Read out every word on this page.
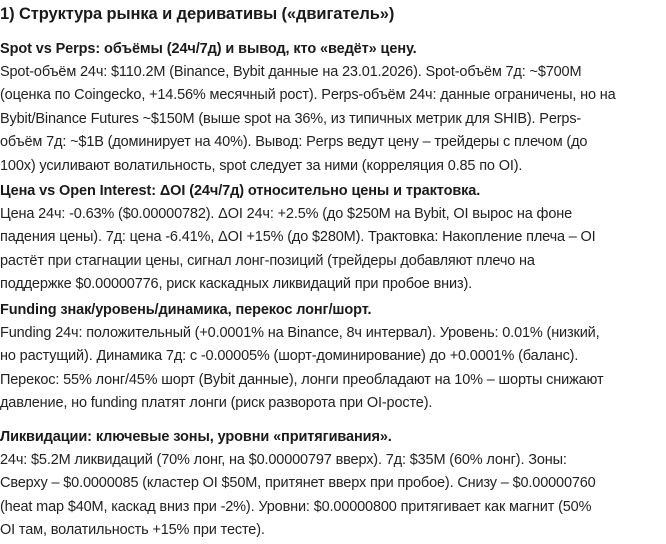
1) Структура рынка и деривативы («двигатель»)
Spot vs Perps: объёмы (24ч/7д) и вывод, кто «ведёт» цену.
Spot-объём 24ч: $110.2M (Binance, Bybit данные на 23.01.2026). Spot-объём 7д: ~$700M
(оценка по Coingecko, +14.56% месячный рост). Perps-объём 24ч: данные ограничены, но на
Bybit/Binance Futures ~$150M (выше spot на 36%, из типичных метрик для SHIB). Perps-
объём 7д: ~$1B (доминирует на 40%). Вывод: Perps ведут цену – трейдеры с плечом (до
100x) усиливают волатильность, spot следует за ними (корреляция 0.85 по OI).
Цена vs Open Interest: ΔOI (24ч/7д) относительно цены и трактовка.
Цена 24ч: -0.63% ($0.00000782). ΔOI 24ч: +2.5% (до $250M на Bybit, OI вырос на фоне
падения цены). 7д: цена -6.41%, ΔOI +15% (до $280M). Трактовка: Накопление плеча – OI
растёт при стагнации цены, сигнал лонг-позиций (трейдеры добавляют плечо на
поддержке $0.00000776, риск каскадных ликвидаций при пробое вниз).
Funding знак/уровень/динамика, перекос лонг/шорт.
Funding 24ч: положительный (+0.0001% на Binance, 8ч интервал). Уровень: 0.01% (низкий,
но растущий). Динамика 7д: с -0.00005% (шорт-доминирование) до +0.0001% (баланс).
Перекос: 55% лонг/45% шорт (Bybit данные), лонги преобладают на 10% – шорты снижают
давление, но funding платят лонги (риск разворота при OI-росте).
Ликвидации: ключевые зоны, уровни «притягивания».
24ч: $5.2M ликвидаций (70% лонг, на $0.00000797 вверх). 7д: $35M (60% лонг). Зоны:
Сверху – $0.0000085 (кластер OI $50M, притянет вверх при пробое). Снизу – $0.00000760
(heat map $40M, каскад вниз при -2%). Уровни: $0.00000800 притягивает как магнит (50%
OI там, волатильность +15% при тесте).
